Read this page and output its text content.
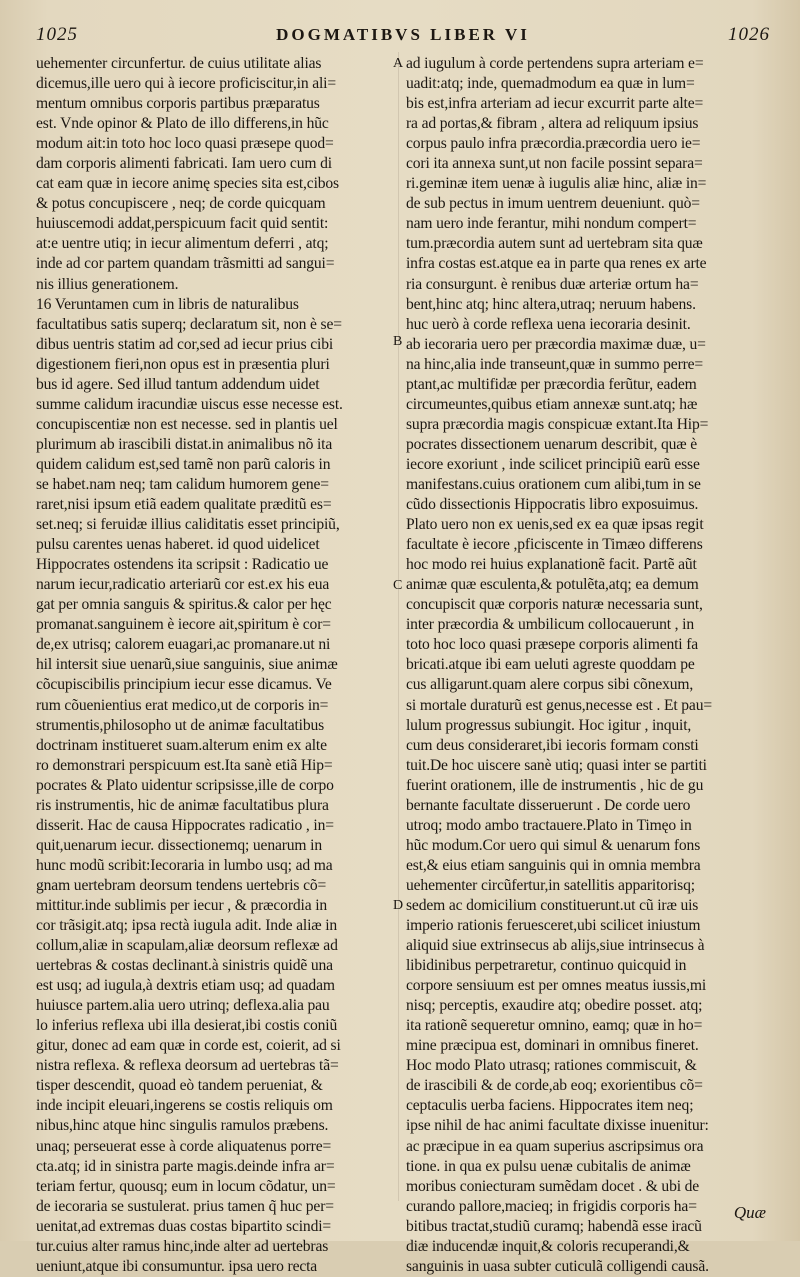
1025	DOGMATIBVS LIBER VI	1026
uehementer circunfertur. de cuius utilitate alias
dicemus,ille uero qui à iecore proficiscitur,in ali=
mentum omnibus corporis partibus præparatus
est. Vnde opinor & Plato de illo differens,in hũc
modum ait:in toto hoc loco quasi præsepe quod=
dam corporis alimenti fabricati. Iam uero cum di
cat eam quæ in iecore animę species sita est,cibos
& potus concupiscere , neq; de corde quicquam
huiuscemodi addat,perspicuum facit quid sentit:
at:e uentre utiq; in iecur alimentum deferri , atq;
inde ad cor partem quandam trãsmitti ad sangui=
nis illius generationem.
16 Veruntamen cum in libris de naturalibus
facultatibus satis superq; declaratum sit, non è se=
dibus uentris statim ad cor,sed ad iecur prius cibi
digestionem fieri,non opus est in præsentia pluri
bus id agere. Sed illud tantum addendum uidet
summe calidum iracundiæ uiscus esse necesse est.
concupiscentiæ non est necesse. sed in plantis uel
plurimum ab irascibili distat.in animalibus nõ ita
quidem calidum est,sed tamẽ non parũ caloris in
se habet.nam neq; tam calidum humorem gene=
raret,nisi ipsum etiã eadem qualitate præditũ es=
set.neq; si feruidæ illius caliditatis esset principiũ,
pulsu carentes uenas haberet. id quod uidelicet
Hippocrates ostendens ita scripsit : Radicatio ue
narum iecur,radicatio arteriarũ cor est.ex his eua
gat per omnia sanguis & spiritus.& calor per hęc
promanat.sanguinem è iecore ait,spiritum è cor=
de,ex utrisq; calorem euagari,ac promanare.ut ni
hil intersit siue uenarũ,siue sanguinis, siue animæ
cõcupiscibilis principium iecur esse dicamus. Ve
rum cõuenientius erat medico,ut de corporis in=
strumentis,philosopho ut de animæ facultatibus
doctrinam institueret suam.alterum enim ex alte
ro demonstrari perspicuum est.Ita sanè etiã Hip=
pocrates & Plato uidentur scripsisse,ille de corpo
ris instrumentis, hic de animæ facultatibus plura
disserit. Hac de causa Hippocrates radicatio , in=
quit,uenarum iecur. dissectionemq; uenarum in
hunc modũ scribit:Iecoraria in lumbo usq; ad ma
gnam uertebram deorsum tendens uertebris cõ=
mittitur.inde sublimis per iecur , & præcordia in
cor trãsigit.atq; ipsa rectà iugula adit. Inde aliæ in
collum,aliæ in scapulam,aliæ deorsum reflexæ ad
uertebras & costas declinant.à sinistris quidẽ una
est usq; ad iugula,à dextris etiam usq; ad quadam
huiusce partem.alia uero utrinq; deflexa.alia pau
lo inferius reflexa ubi illa desierat,ibi costis coniũ
gitur, donec ad eam quæ in corde est, coierit, ad si
nistra reflexa. & reflexa deorsum ad uertebras tã=
tisper descendit, quoad eò tandem perueniat, &
inde incipit eleuari,ingerens se costis reliquis om
nibus,hinc atque hinc singulis ramulos præbens.
unaq; perseuerat esse à corde aliquatenus porre=
cta.atq; id in sinistra parte magis.deinde infra ar=
teriam fertur, quousq; eum in locum cõdatur, un=
de iecoraria se sustulerat. prius tamen q̃ huc per=
uenitat,ad extremas duas costas bipartito scindi=
tur.cuius alter ramus hinc,inde alter ad uertebras
ueniunt,atque ibi consumuntur. ipsa uero recta
A
B
C
D
ad iugulum à corde pertendens supra arteriam e=
uadit:atq; inde, quemadmodum ea quæ in lum=
bis est,infra arteriam ad iecur excurrit parte alte=
ra ad portas,& fibram , altera ad reliquum ipsius
corpus paulo infra præcordia.præcordia uero ie=
cori ita annexa sunt,ut non facile possint separa=
ri.geminæ item uenæ à iugulis aliæ hinc, aliæ in=
de sub pectus in imum uentrem deueniunt. quò=
nam uero inde ferantur, mihi nondum compert=
tum.præcordia autem sunt ad uertebram sita quæ
infra costas est.atque ea in parte qua renes ex arte
ria consurgunt. è renibus duæ arteriæ ortum ha=
bent,hinc atq; hinc altera,utraq; neruum habens.
huc uerò à corde reflexa uena iecoraria desinit.
ab iecoraria uero per præcordia maximæ duæ, u=
na hinc,alia inde transeunt,quæ in summo perre=
ptant,ac multifidæ per præcordia ferũtur, eadem
circumeuntes,quibus etiam annexæ sunt.atq; hæ
supra præcordia magis conspicuæ extant.Ita Hip=
pocrates dissectionem uenarum describit, quæ è
iecore exoriunt , inde scilicet principiũ earũ esse
manifestans.cuius orationem cum alibi,tum in se
cũdo dissectionis Hippocratis libro exposuimus.
Plato uero non ex uenis,sed ex ea quæ ipsas regit
facultate è iecore ,pficiscente in Timæo differens
hoc modo rei huius explanationẽ facit. Partẽ aũt
animæ quæ esculenta,& potulẽta,atq; ea demum
concupiscit quæ corporis naturæ necessaria sunt,
inter præcordia & umbilicum collocauerunt , in
toto hoc loco quasi præsepe corporis alimenti fa
bricati.atque ibi eam ueluti agreste quoddam pe
cus alligarunt.quam alere corpus sibi cõnexum,
si mortale duraturũ est genus,necesse est . Et pau=
lulum progressus subiungit. Hoc igitur , inquit,
cum deus consideraret,ibi iecoris formam consti
tuit.De hoc uiscere sanè utiq; quasi inter se partiti
fuerint orationem, ille de instrumentis , hic de gu
bernante facultate disseruerunt . De corde uero
utroq; modo ambo tractauere.Plato in Timęo in
hũc modum.Cor uero qui simul & uenarum fons
est,& eius etiam sanguinis qui in omnia membra
uehementer circũfertur,in satellitis apparitorisq;
sedem ac domicilium constituerunt.ut cũ iræ uis
imperio rationis feruesceret,ubi scilicet iniustum
aliquid siue extrinsecus ab alijs,siue intrinsecus à
libidinibus perpetraretur, continuo quicquid in
corpore sensiuum est per omnes meatus iussis,mi
nisq; perceptis, exaudire atq; obedire posset. atq;
ita rationẽ sequeretur omnino, eamq; quæ in ho=
mine præcipua est, dominari in omnibus fineret.
Hoc modo Plato utrasq; rationes commiscuit, &
de irascibili & de corde,ab eoq; exorientibus cõ=
ceptaculis uerba faciens. Hippocrates item neq;
ipse nihil de hac animi facultate dixisse inuenitur:
ac præcipue in ea quam superius ascripsimus ora
tione. in qua ex pulsu uenæ cubitalis de animæ
moribus coniecturam sumẽdam docet . & ubi de
curando pallore,macieq; in frigidis corporis ha=
bitibus tractat,studiũ curamq; habendã esse iracũ
diæ inducendæ inquit,& coloris recuperandi,&
sanguinis in uasa subter cuticulã colligendi causã.
Quæ
